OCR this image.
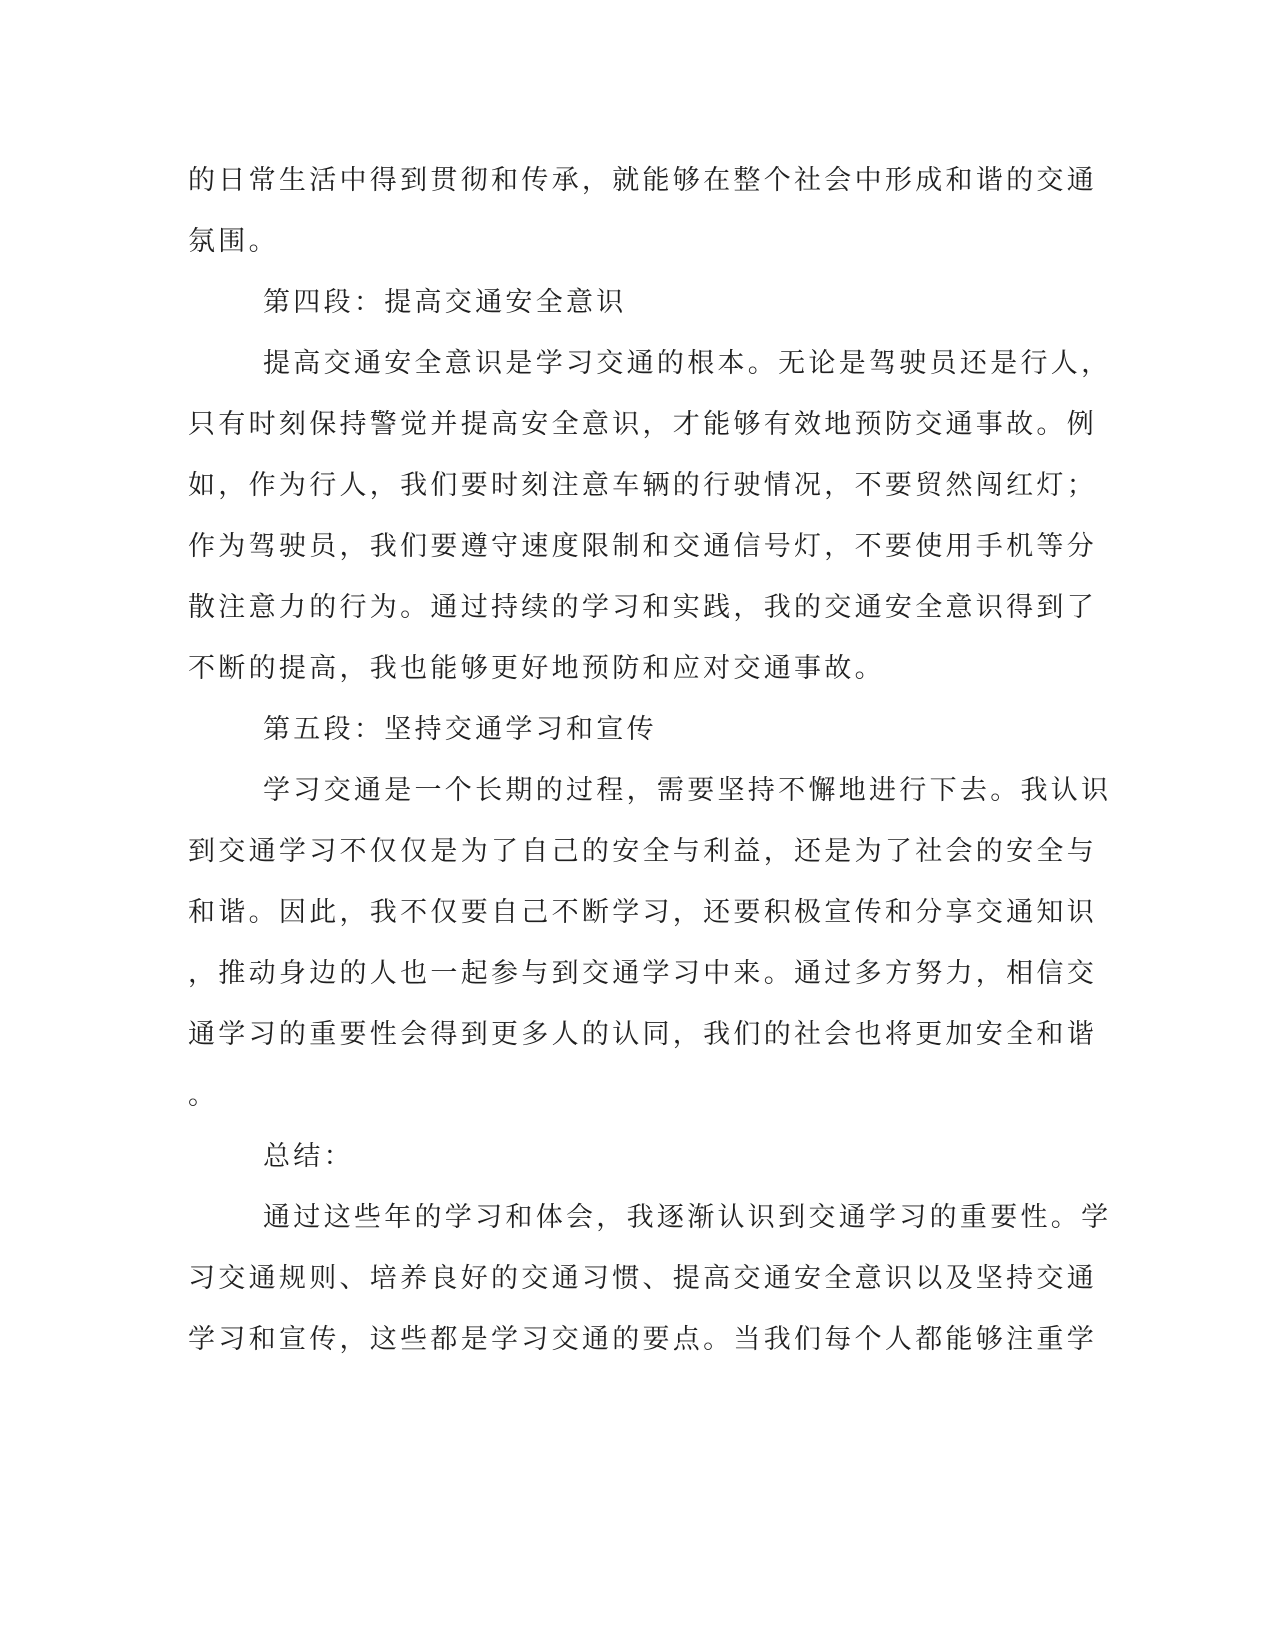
的日常生活中得到贯彻和传承，就能够在整个社会中形成和谐的交通
氛围。
第四段：提高交通安全意识
提高交通安全意识是学习交通的根本。无论是驾驶员还是行人，
只有时刻保持警觉并提高安全意识，才能够有效地预防交通事故。例
如，作为行人，我们要时刻注意车辆的行驶情况，不要贸然闯红灯；
作为驾驶员，我们要遵守速度限制和交通信号灯，不要使用手机等分
散注意力的行为。通过持续的学习和实践，我的交通安全意识得到了
不断的提高，我也能够更好地预防和应对交通事故。
第五段：坚持交通学习和宣传
学习交通是一个长期的过程，需要坚持不懈地进行下去。我认识
到交通学习不仅仅是为了自己的安全与利益，还是为了社会的安全与
和谐。因此，我不仅要自己不断学习，还要积极宣传和分享交通知识
，推动身边的人也一起参与到交通学习中来。通过多方努力，相信交
通学习的重要性会得到更多人的认同，我们的社会也将更加安全和谐
。
总结：
通过这些年的学习和体会，我逐渐认识到交通学习的重要性。学
习交通规则、培养良好的交通习惯、提高交通安全意识以及坚持交通
学习和宣传，这些都是学习交通的要点。当我们每个人都能够注重学
